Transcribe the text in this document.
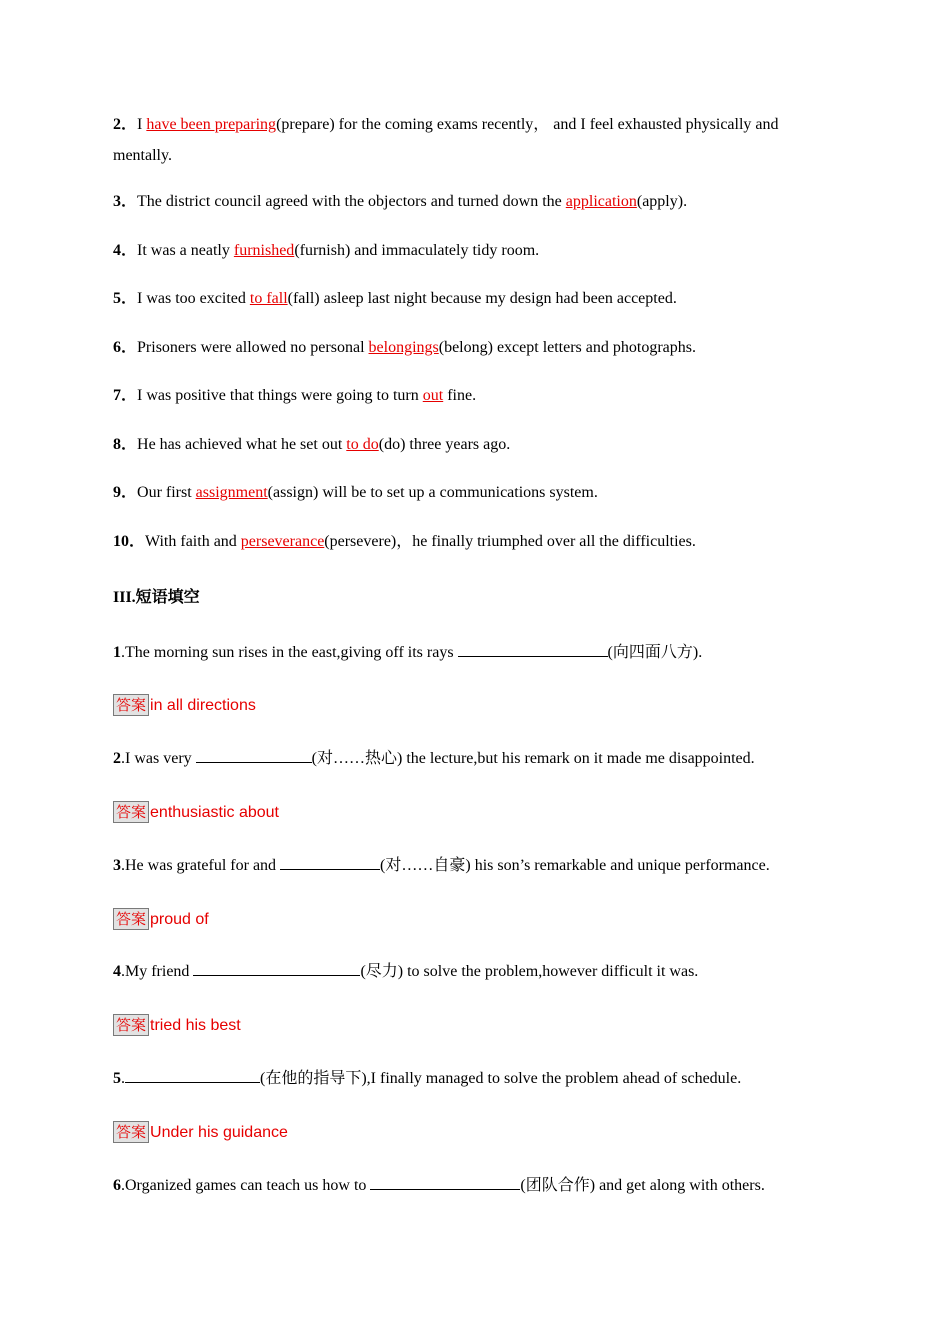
2．I have been preparing(prepare) for the coming exams recently， and I feel exhausted physically and
mentally.
3．The district council agreed with the objectors and turned down the application(apply).
4．It was a neatly furnished(furnish) and immaculately tidy room.
5．I was too excited to fall(fall) asleep last night because my design had been accepted.
6．Prisoners were allowed no personal belongings(belong) except letters and photographs.
7．I was positive that things were going to turn out fine.
8．He has achieved what he set out to do(do) three years ago.
9．Our first assignment(assign) will be to set up a communications system.
10．With faith and perseverance(persevere)，he finally triumphed over all the difficulties.
III.短语填空
1.The morning sun rises in the east,giving off its rays	(向四面八方).
答案 in all directions
2.I was very	(对……热心) the lecture,but his remark on it made me disappointed.
答案 enthusiastic about
3.He was grateful for and	(对……自豪) his son’s remarkable and unique performance.
答案 proud of
4.My friend	(尽力) to solve the problem,however difficult it was.
答案 tried his best
5.	(在他的指导下),I finally managed to solve the problem ahead of schedule.
答案 Under his guidance
6.Organized games can teach us how to	(团队合作) and get along with others.
